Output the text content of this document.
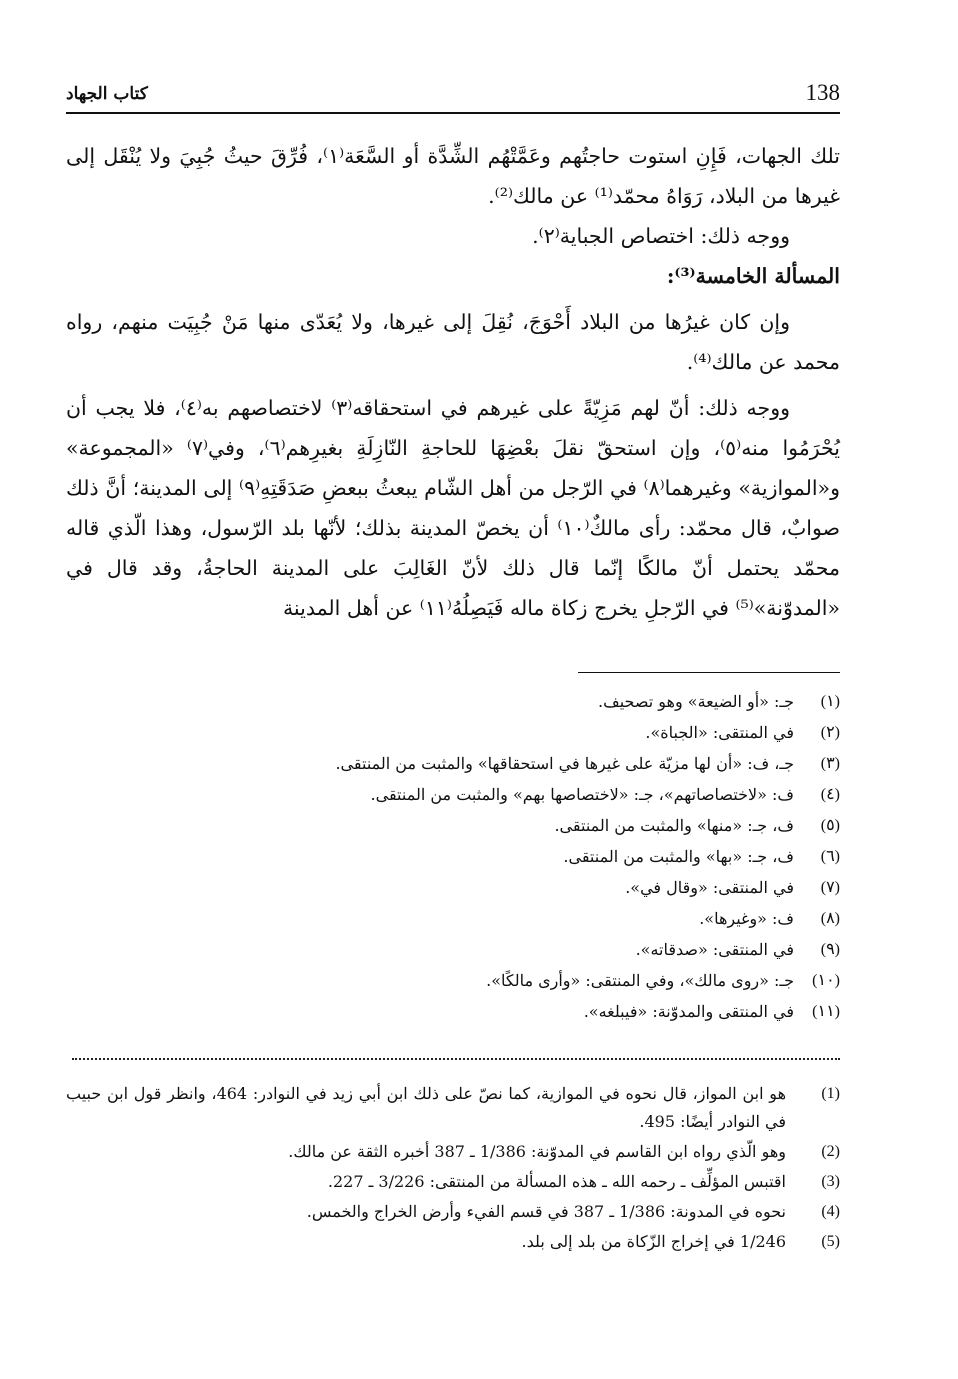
138
كتاب الجهاد

تلك الجهات، فَإِنِ استوت حاجتُهم وعَمَّتْهُم الشِّدَّة أو السَّعَة⁽١⁾، فُرِّقَ حيثُ جُبِيَ ولا يُنْقَل إلى غيرها من البلاد، رَوَاهُ محمّد⁽¹⁾ عن مالك⁽²⁾.

ووجه ذلك: اختصاص الجباية⁽٢⁾.

المسألة الخامسة⁽³⁾:

وإن كان غيرُها من البلاد أَحْوَجَ، نُقِلَ إلى غيرها، ولا يُعَدّى منها مَنْ جُبِيَت منهم، رواه محمد عن مالك⁽⁴⁾.

ووجه ذلك: أنّ لهم مَزِيّةً على غيرهم في استحقاقه⁽٣⁾ لاختصاصهم به⁽٤⁾، فلا يجب أن يُحْرَمُوا منه⁽٥⁾، وإن استحقّ نقلَ بعْضِهَا للحاجةِ النّازِلَةِ بغيرِهم⁽٦⁾، وفي⁽٧⁾ «المجموعة» و«الموازية» وغيرهما⁽٨⁾ في الرّجل من أهل الشّام يبعثُ ببعضِ صَدَقَتِهِ⁽٩⁾ إلى المدينة؛ أنَّ ذلك صوابٌ، قال محمّد: رأى مالكٌ⁽١٠⁾ أن يخصّ المدينة بذلك؛ لأنّها بلد الرّسول، وهذا الّذي قاله محمّد يحتمل أنّ مالكًا إنّما قال ذلك لأنّ الغَالِبَ على المدينة الحاجةُ، وقد قال في «المدوّنة»⁽⁵⁾ في الرّجلِ يخرج زكاة ماله فَيَصِلُهُ⁽١١⁾ عن أهل المدينة

(١)
جـ: «أو الضيعة» وهو تصحيف.
(٢)
في المنتقى: «الجباة».
(٣)
جـ، ف: «أن لها مزيّة على غيرها في استحقاقها» والمثبت من المنتقى.
(٤)
ف: «لاختصاصاتهم»، جـ: «لاختصاصها بهم» والمثبت من المنتقى.
(٥)
ف، جـ: «منها» والمثبت من المنتقى.
(٦)
ف، جـ: «بها» والمثبت من المنتقى.
(٧)
في المنتقى: «وقال في».
(٨)
ف: «وغيرها».
(٩)
في المنتقى: «صدقاته».
(١٠)
جـ: «روى مالك»، وفي المنتقى: «وأرى مالكًا».
(١١)
في المنتقى والمدوّنة: «فيبلغه».
(1)
هو ابن المواز، قال نحوه في الموازية، كما نصّ على ذلك ابن أبي زيد في النوادر: 464، وانظر قول ابن حبيب في النوادر أيضًا: 495.
(2)
وهو الّذي رواه ابن القاسم في المدوّنة: 1/386 ـ 387 أخبره الثقة عن مالك.
(3)
اقتبس المؤلِّف ـ رحمه الله ـ هذه المسألة من المنتقى: 3/226 ـ 227.
(4)
نحوه في المدونة: 1/386 ـ 387 في قسم الفيء وأرض الخراج والخمس.
(5)
1/246 في إخراج الزّكاة من بلد إلى بلد.
